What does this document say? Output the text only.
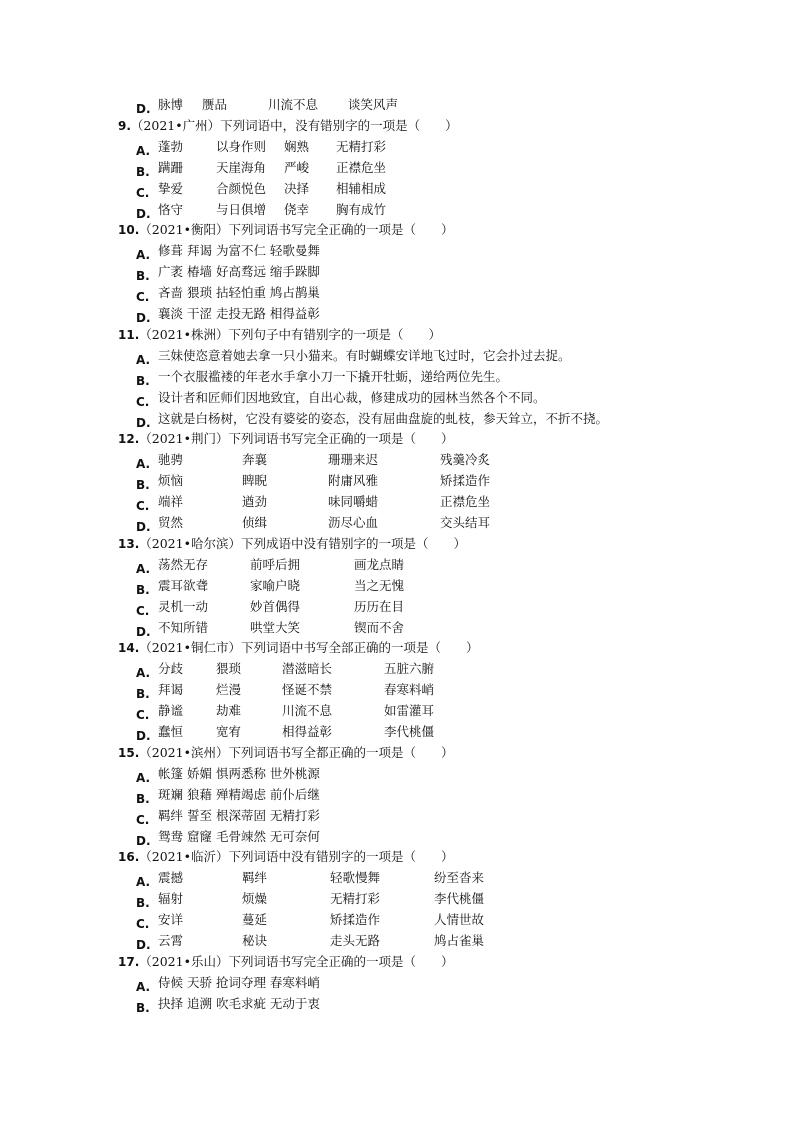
D. 脉博 赝品	川流不息 谈笑风声
9.（2021•广州）下列词语中，没有错别字的一项是（　　）
A. 蓬勃	以身作则 娴熟 无精打彩
B. 蹒跚	天崖海角 严峻 正襟危坐
C. 挚爱	合颜悦色 决择 相辅相成
D. 恪守	与日俱增 侥幸 胸有成竹
10.（2021•衡阳）下列词语书写完全正确的一项是（　　）
A. 修葺 拜谒 为富不仁 轻歌曼舞
B. 广袤 椿墙 好高骛远 缩手跺脚
C. 吝啬 猥琐 拈轻怕重 鸠占鹊巢
D. 襄淡 干涩 走投无路 相得益彰
11.（2021•株洲）下列句子中有错别字的一项是（　　）
A. 三妹使恣意着她去拿一只小猫来。有时蝴蝶安详地飞过时，它会扑过去捉。
B. 一个衣服褴褛的年老水手拿小刀一下撬开牡蛎，递给两位先生。
C. 设计者和匠师们因地致宜，自出心裁，修建成功的园林当然各个不同。
D. 这就是白杨树，它没有婆娑的姿态，没有屈曲盘旋的虬枝，参天耸立，不折不挠。
12.（2021•荆门）下列词语书写完全正确的一项是（　　）
A. 驰骋	奔襄	珊珊来迟	残羹冷炙
B. 烦恼	睥睨	附庸风雅	矫揉造作
C. 端祥	遒劲	味同嚼蜡	正襟危坐
D. 贸然	侦缉	沥尽心血	交头结耳
13.（2021•哈尔滨）下列成语中没有错别字的一项是（　　）
A. 荡然无存	前呼后拥	画龙点睛
B. 震耳欲聋	家喻户晓	当之无愧
C. 灵机一动	妙首偶得	历历在目
D. 不知所错	哄堂大笑	锲而不舍
14.（2021•铜仁市）下列词语中书写全部正确的一项是（　　）
A. 分歧	猥琐	潜滋暗长	五脏六腑
B. 拜谒	烂漫	怪诞不禁	春寒料峭
C. 静谧	劫难	川流不息	如雷灌耳
D. 蠢恒	宽宥	相得益彰	李代桃僵
15.（2021•滨州）下列词语书写全都正确的一项是（　　）
A. 帐篷 娇媚 惧两悉称 世外桃源
B. 斑斓 狼藉 殚精竭虑 前仆后继
C. 羁绊 誓至 根深蒂固 无精打彩
D. 鸳鸯 窟窿 毛骨竦然 无可奈何
16.（2021•临沂）下列词语中没有错别字的一项是（　　）
A. 震撼	羁绊	轻歌慢舞	纷至沓来
B. 辐射	烦燥	无精打彩	李代桃僵
C. 安详	蔓延	矫揉造作	人情世故
D. 云霄	秘诀	走头无路	鸠占雀巢
17.（2021•乐山）下列词语书写完全正确的一项是（　　）
A. 侍候 天骄 抢词夺理 春寒料峭
B. 抉择 追溯 吹毛求疵 无动于衷
